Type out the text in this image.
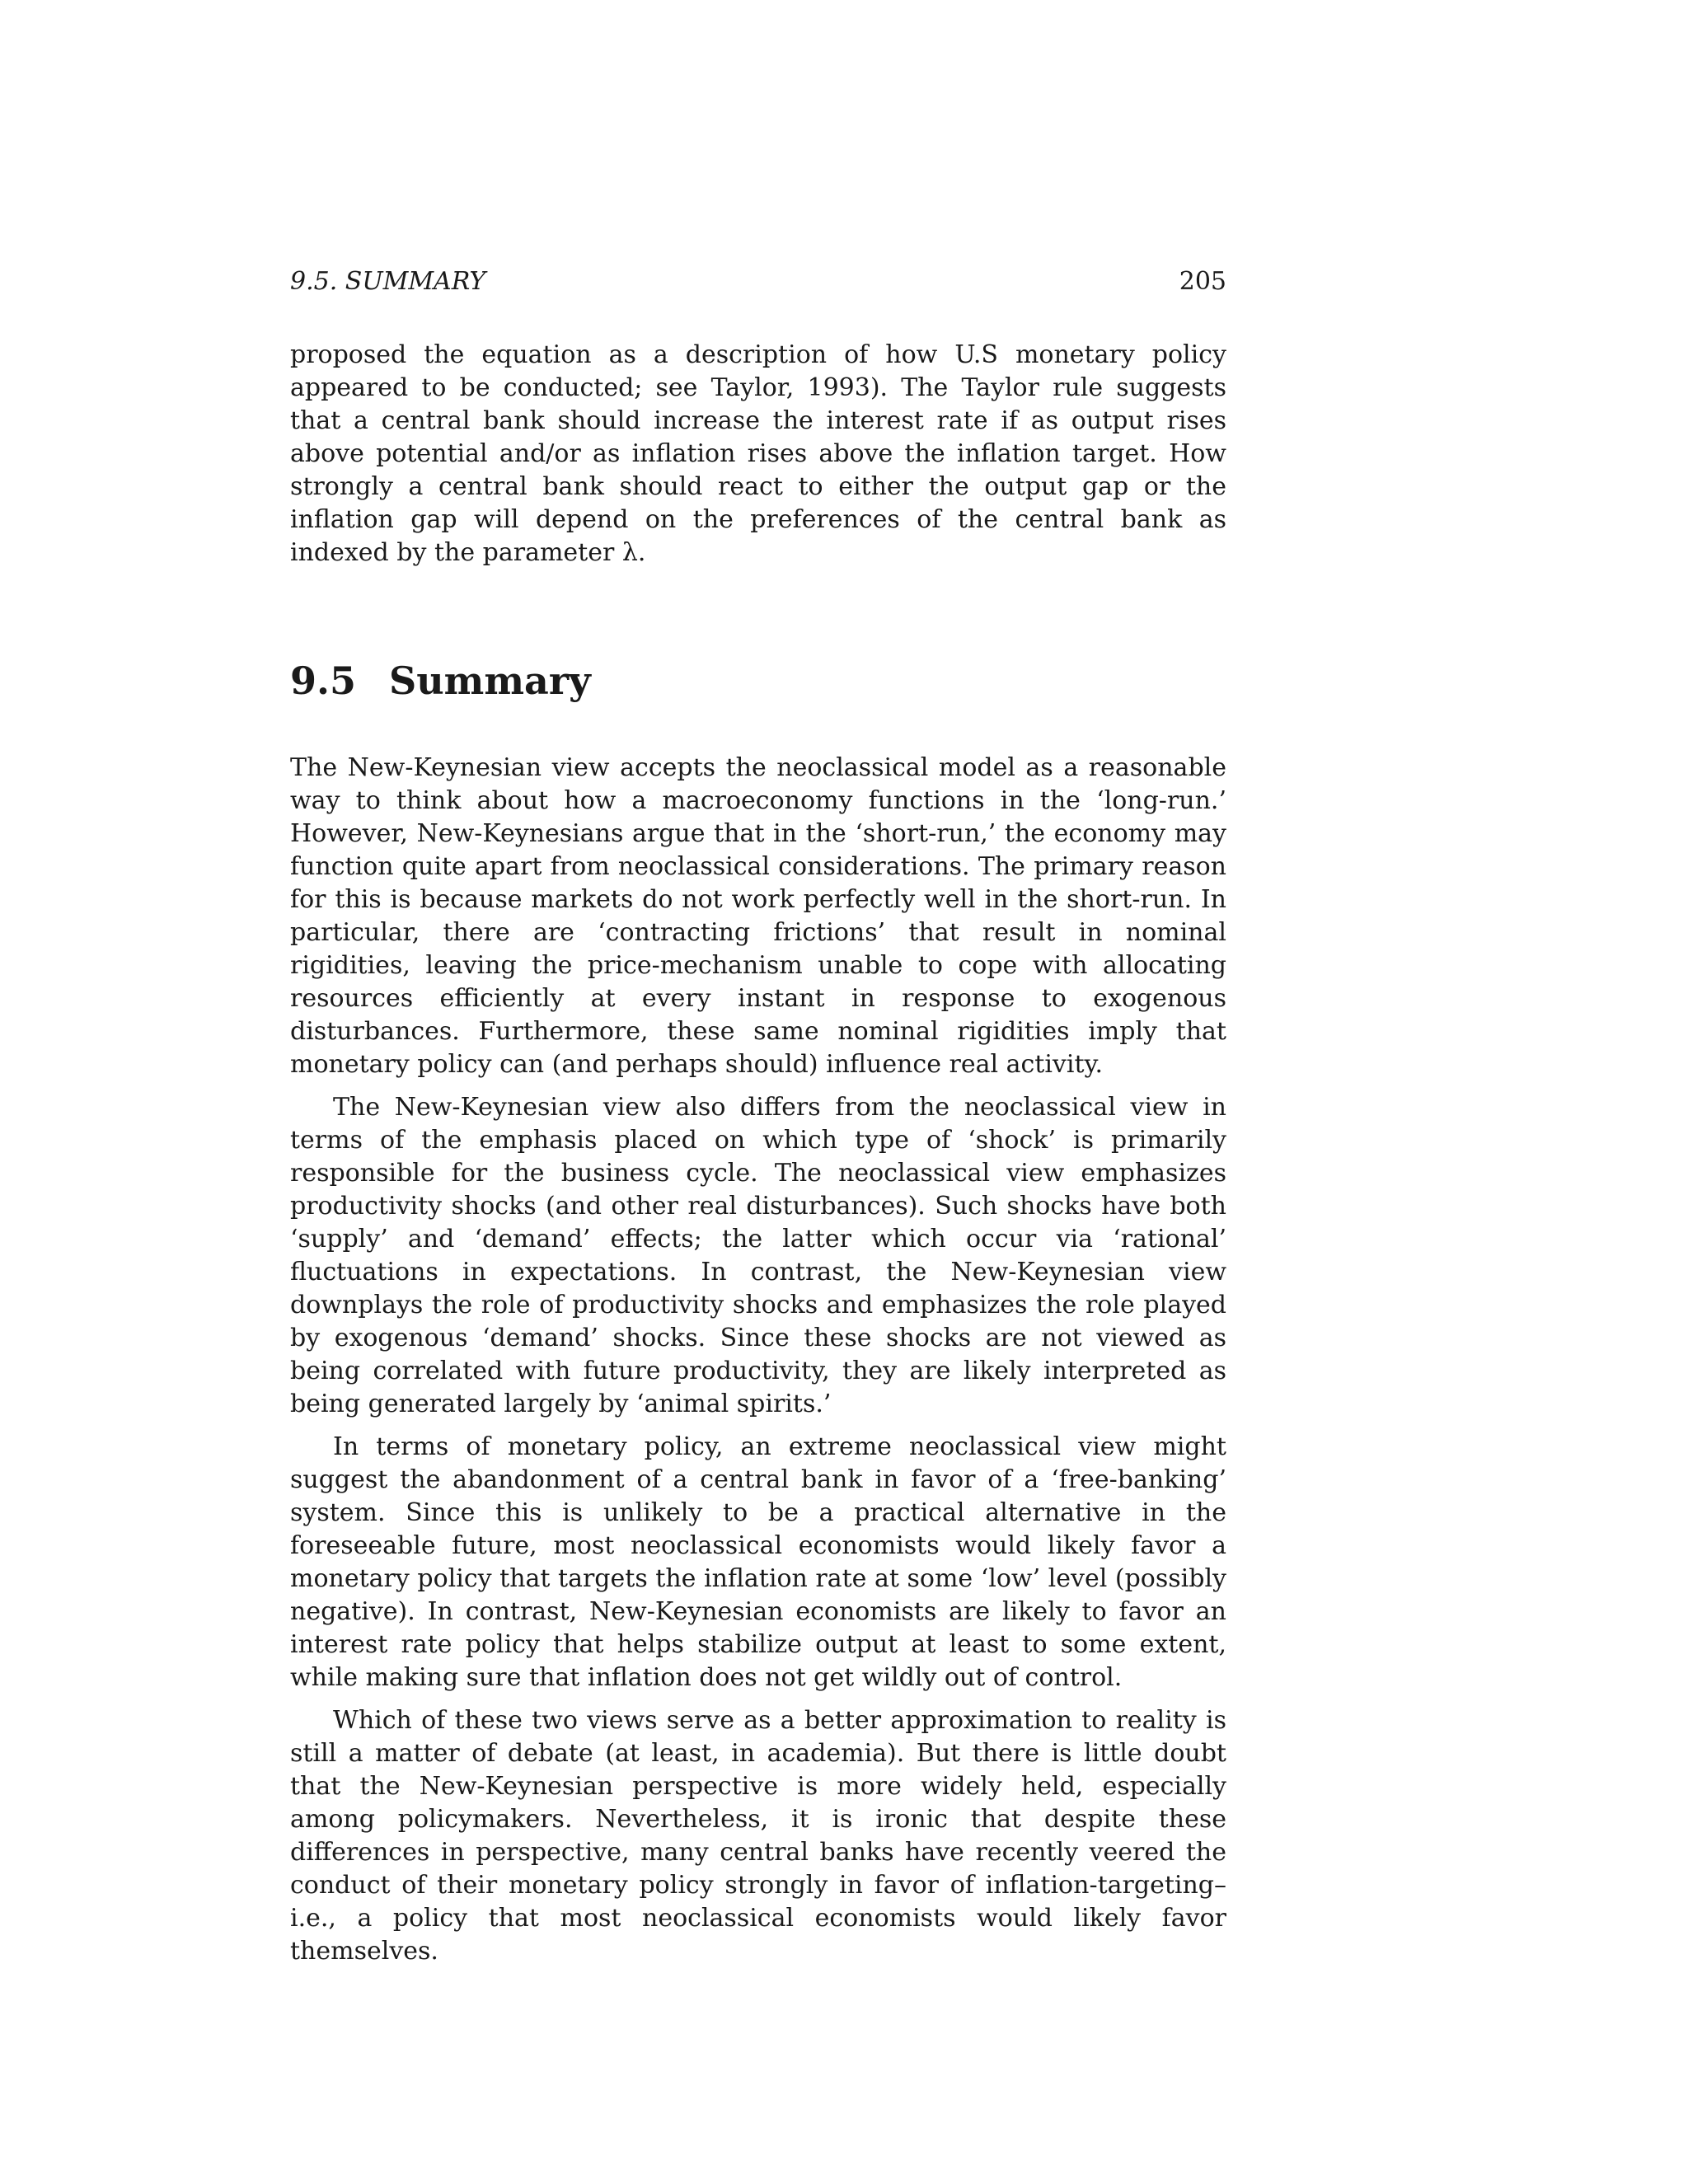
9.5. SUMMARY	205

proposed the equation as a description of how U.S monetary policy appeared to be conducted; see Taylor, 1993). The Taylor rule suggests that a central bank should increase the interest rate if as output rises above potential and/or as inflation rises above the inflation target. How strongly a central bank should react to either the output gap or the inflation gap will depend on the preferences of the central bank as indexed by the parameter λ.

9.5 Summary

The New-Keynesian view accepts the neoclassical model as a reasonable way to think about how a macroeconomy functions in the ‘long-run.’ However, New-Keynesians argue that in the ‘short-run,’ the economy may function quite apart from neoclassical considerations. The primary reason for this is because markets do not work perfectly well in the short-run. In particular, there are ‘contracting frictions’ that result in nominal rigidities, leaving the price-mechanism unable to cope with allocating resources efficiently at every instant in response to exogenous disturbances. Furthermore, these same nominal rigidities imply that monetary policy can (and perhaps should) influence real activity.

The New-Keynesian view also differs from the neoclassical view in terms of the emphasis placed on which type of ‘shock’ is primarily responsible for the business cycle. The neoclassical view emphasizes productivity shocks (and other real disturbances). Such shocks have both ‘supply’ and ‘demand’ effects; the latter which occur via ‘rational’ fluctuations in expectations. In contrast, the New-Keynesian view downplays the role of productivity shocks and emphasizes the role played by exogenous ‘demand’ shocks. Since these shocks are not viewed as being correlated with future productivity, they are likely interpreted as being generated largely by ‘animal spirits.’

In terms of monetary policy, an extreme neoclassical view might suggest the abandonment of a central bank in favor of a ‘free-banking’ system. Since this is unlikely to be a practical alternative in the foreseeable future, most neoclassical economists would likely favor a monetary policy that targets the inflation rate at some ‘low’ level (possibly negative). In contrast, New-Keynesian economists are likely to favor an interest rate policy that helps stabilize output at least to some extent, while making sure that inflation does not get wildly out of control.

Which of these two views serve as a better approximation to reality is still a matter of debate (at least, in academia). But there is little doubt that the New-Keynesian perspective is more widely held, especially among policymakers. Nevertheless, it is ironic that despite these differences in perspective, many central banks have recently veered the conduct of their monetary policy strongly in favor of inflation-targeting–i.e., a policy that most neoclassical economists would likely favor themselves.
